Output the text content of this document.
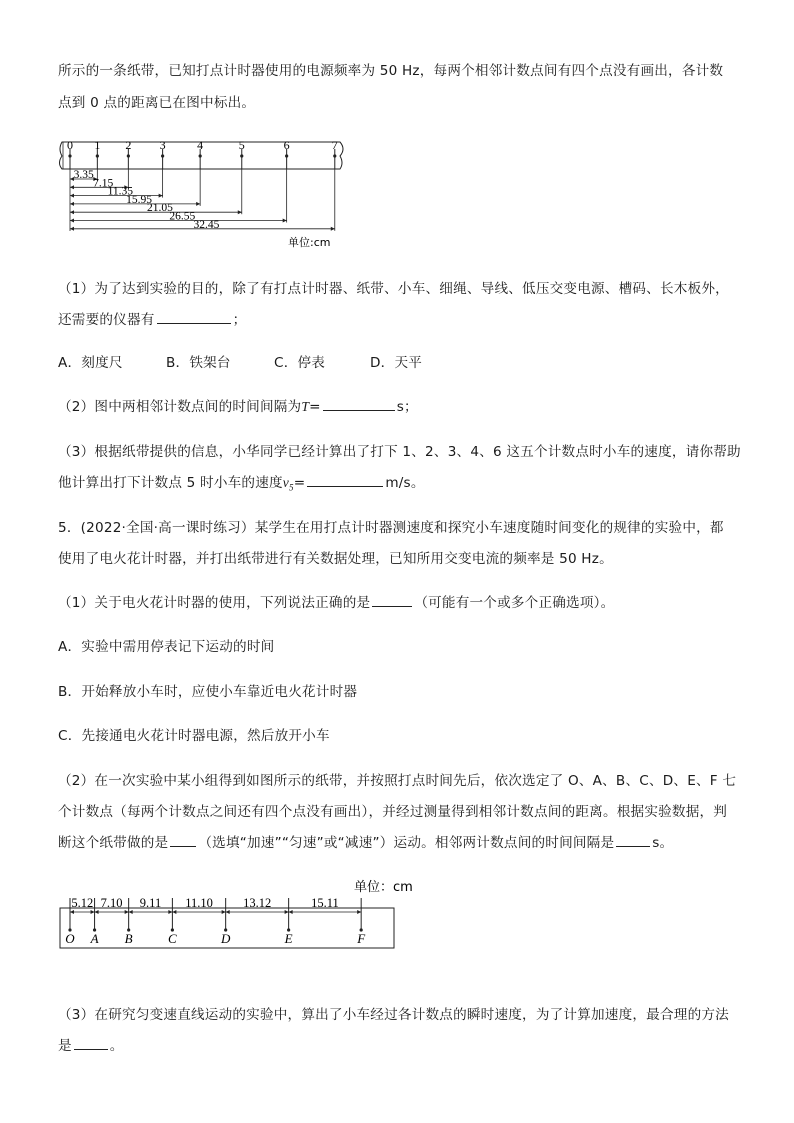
所示的一条纸带，已知打点计时器使用的电源频率为 50 Hz，每两个相邻计数点间有四个点没有画出，各计数
点到 0 点的距离已在图中标出。
0 1 2 3	4	5	6	7
3.35
7.15
11.35
15.95
21.05
26.55
32.45
单位:cm
（1）为了达到实验的目的，除了有打点计时器、纸带、小车、细绳、导线、低压交变电源、槽码、长木板外，
还需要的仪器有	；
A．刻度尺	B．铁架台	C．停表	D．天平
（2）图中两相邻计数点间的时间间隔为T=	s；
（3）根据纸带提供的信息，小华同学已经计算出了打下 1、2、3、4、6 这五个计数点时小车的速度，请你帮助
他计算出打下计数点 5 时小车的速度$v_5=$	m/s。
5．(2022·全国·高一课时练习）某学生在用打点计时器测速度和探究小车速度随时间变化的规律的实验中，都
使用了电火花计时器，并打出纸带进行有关数据处理，已知所用交变电流的频率是 50 Hz。
（1）关于电火花计时器的使用，下列说法正确的是	（可能有一个或多个正确选项）。
A．实验中需用停表记下运动的时间
B．开始释放小车时，应使小车靠近电火花计时器
C．先接通电火花计时器电源，然后放开小车
（2）在一次实验中某小组得到如图所示的纸带，并按照打点时间先后，依次选定了 O、A、B、C、D、E、F 七
个计数点（每两个计数点之间还有四个点没有画出），并经过测量得到相邻计数点间的距离。根据实验数据，判
断这个纸带做的是 （选填“加速”“匀速”或“减速”）运动。相邻两计数点间的时间间隔是	s。
单位：cm
O A B	C	D	E	F
5.12 7.10 9.11 11.10 13.12	15.11
（3）在研究匀变速直线运动的实验中，算出了小车经过各计数点的瞬时速度，为了计算加速度，最合理的方法
是	。
